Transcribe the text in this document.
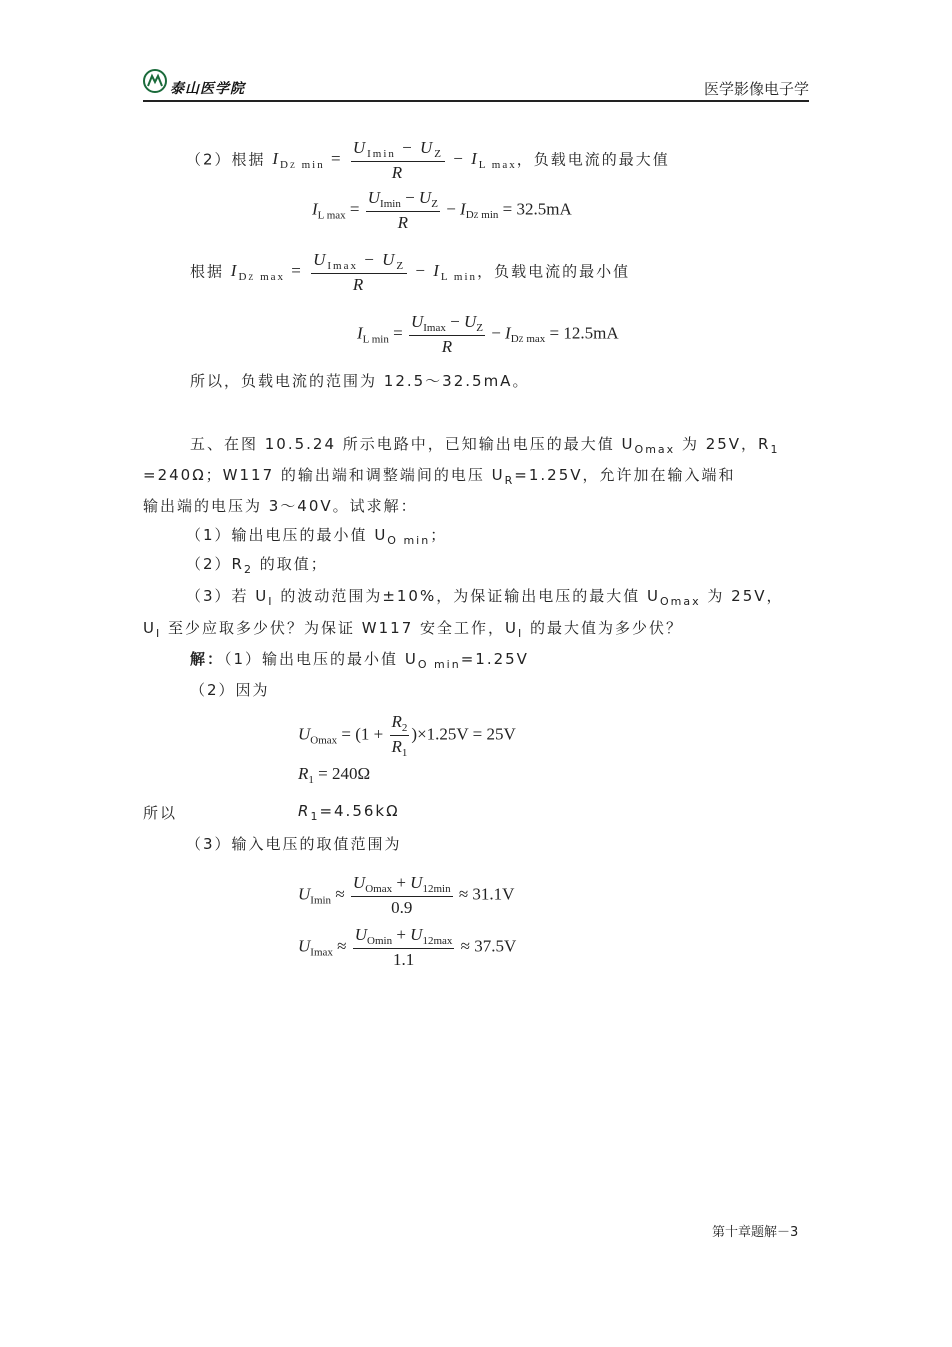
泰山医学院	医学影像电子学
（2）根据 $I_{DZ min} = \frac{U_{Imin} - U_Z}{R} - I_{L max}$，负载电流的最大值
$I_{L max} = \frac{U_{Imin} - U_Z}{R} - I_{DZ min} = 32.5mA$
根据 $I_{DZ max} = \frac{U_{Imax} - U_Z}{R} - I_{L min}$，负载电流的最小值
$I_{L min} = \frac{U_{Imax} - U_Z}{R} - I_{DZ max} = 12.5mA$
所以，负载电流的范围为 12.5～32.5mA。
五、在图 10.5.24 所示电路中，已知输出电压的最大值 $U_{Omax}$ 为 25V，$R_1$
=240Ω；W117 的输出端和调整端间的电压 $U_R=1.25V$，允许加在输入端和
输出端的电压为 3～40V。试求解：
（1）输出电压的最小值 $U_{O min}$；
$(2)R_2$ 的取值；
（3）若 $U_I$ 的波动范围为±10%，为保证输出电压的最大值 $U_{Omax}$ 为 25V，
$U_I$ 至少应取多少伏？为保证 W117 安全工作，$U_I$ 的最大值为多少伏？
解：（1）输出电压的最小值 $U_{O min}=1.25V$
（2）因为
$U_{Omax} = (1 + \frac{R_2}{R_1} )\times 1.25V = 25V$
$R_1 = 240\Omega$
所以	$R_1=4.56k\Omega$
（3）输入电压的取值范围为
$U_{Imin} \approx \frac{U_{Omax} + U_{12min}}{0.9} \approx 31.1V$
$U_{Imax} \approx \frac{U_{Omin} + U_{12max}}{1.1} \approx 37.5V$
第十章题解－3
